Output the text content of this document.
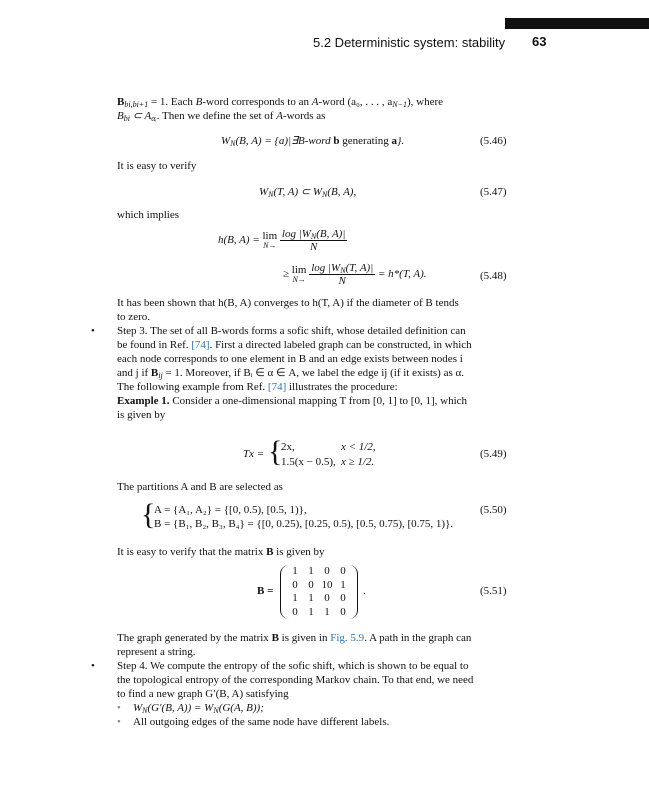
5.2 Deterministic system: stability 63
$B_{bi,bi+1} = 1$. Each B-word corresponds to an A-word (a₀, . . . , $a_{N-1}$), where
$B_{bi}$ ⊂ $A_{\alpha ᵢ}$. Then we define the set of A-words as
$W_N(B$, A) = {a)|∃B-word b generating a}.	(5.46)
It is easy to verify
$W_N(T$, A) ⊂ $W_N(B$, A),	(5.47)
which implies
h(B, A) = lim
N→
$\frac{\log |W_N(B, A)|}{N}$
≥ lim
N→
$\frac{\log |W_N(T, A)|}{N} = h*(T$, A).	(5.48)
It has been shown that h(B, A) converges to h(T, A) if the diameter of B tends
to zero.
• Step 3. The set of all B-words forms a sofic shift, whose detailed definition can
be found in Ref. [74]. First a directed labeled graph can be constructed, in which
each node corresponds to one element in B and an edge exists between nodes i
and j if $B_{ij} = 1$. Moreover, if Bᵢ ∈ α ∈ A, we label the edge ij (if it exists) as α.
The following example from Ref. [74] illustrates the procedure:
Example 1. Consider a one-dimensional mapping T from [0, 1] to [0, 1], which
is given by
Tx = {
2x,	x < 1/2,
1.5(x − 0.5), x ≥ 1/2.
(5.49)
The partitions A and B are selected as
{
A = {A₁, A₂} = {[0, 0.5), [0.5, 1)},
B = {B₁, B₂, B₃, B₄} = {[0, 0.25), [0.25, 0.5), [0.5, 0.75), [0.75, 1)}.
(5.50)
It is easy to verify that the matrix B is given by
B =
1	1	0	0
0	0	10	1
1	1	0	0
0	1	1	0
.	(5.51)
The graph generated by the matrix B is given in Fig. 5.9. A path in the graph can
represent a string.
• Step 4. We compute the entropy of the sofic shift, which is shown to be equal to
the topological entropy of the corresponding Markov chain. To that end, we need
to find a new graph G′(B, A) satisfying
• $W_N(G'(B$, $A)) = W_N(G(A$, B));
• All outgoing edges of the same node have different labels.
